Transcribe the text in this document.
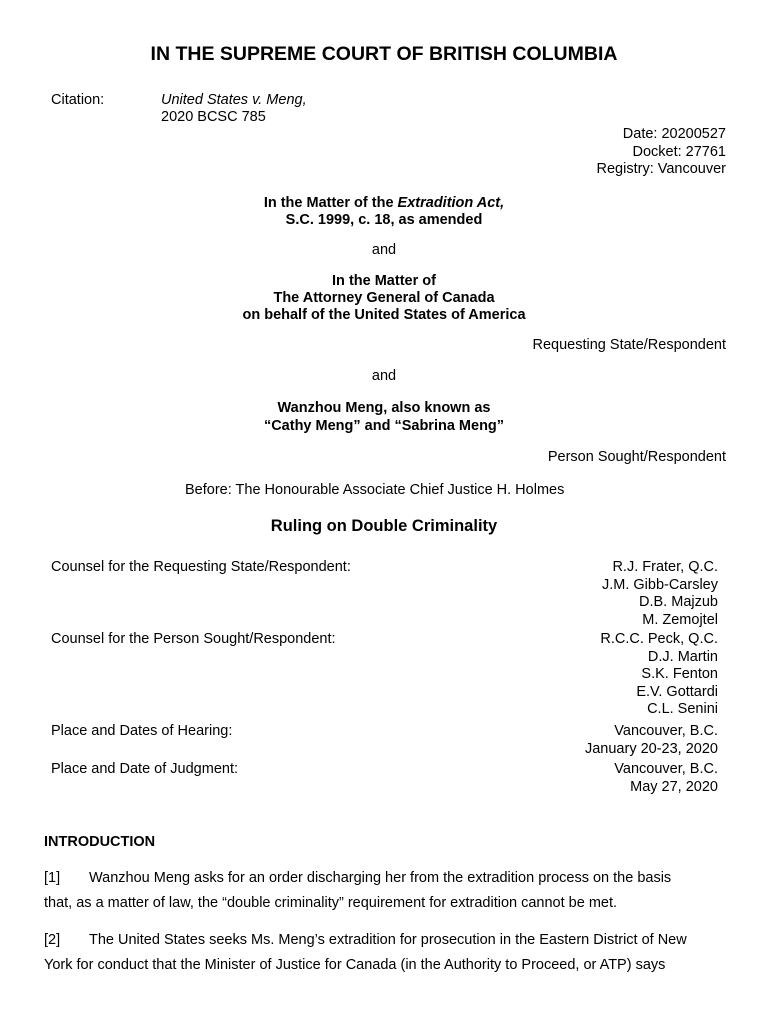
IN THE SUPREME COURT OF BRITISH COLUMBIA
Citation:	United States v. Meng,
2020 BCSC 785
Date: 20200527
Docket: 27761
Registry: Vancouver
In the Matter of the Extradition Act,
S.C. 1999, c. 18, as amended
and
In the Matter of
The Attorney General of Canada
on behalf of the United States of America
Requesting State/Respondent
and
Wanzhou Meng, also known as
“Cathy Meng” and “Sabrina Meng”
Person Sought/Respondent
Before: The Honourable Associate Chief Justice H. Holmes
Ruling on Double Criminality
Counsel for the Requesting State/Respondent:	R.J. Frater, Q.C.
J.M. Gibb-Carsley
D.B. Majzub
M. Zemojtel
Counsel for the Person Sought/Respondent:	R.C.C. Peck, Q.C.
D.J. Martin
S.K. Fenton
E.V. Gottardi
C.L. Senini
Place and Dates of Hearing:	Vancouver, B.C.
January 20-23, 2020
Place and Date of Judgment:	Vancouver, B.C.
May 27, 2020
INTRODUCTION
[1] Wanzhou Meng asks for an order discharging her from the extradition process on the basis
that, as a matter of law, the “double criminality” requirement for extradition cannot be met.
[2] The United States seeks Ms. Meng’s extradition for prosecution in the Eastern District of New
York for conduct that the Minister of Justice for Canada (in the Authority to Proceed, or ATP) says
